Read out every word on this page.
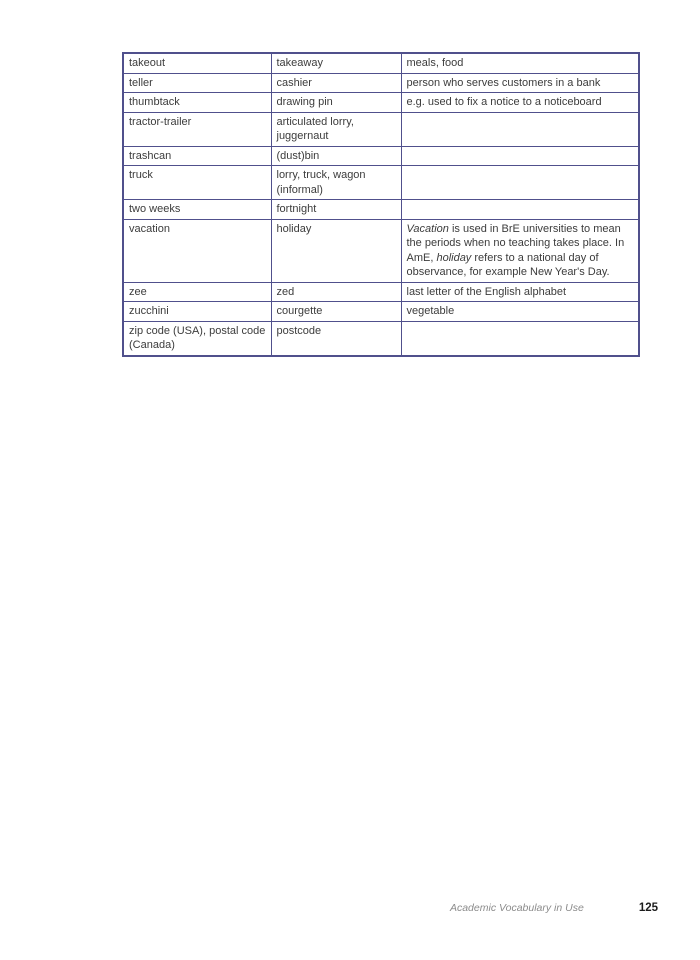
takeout	takeaway	meals, food
teller	cashier	person who serves customers in a bank
thumbtack	drawing pin	e.g. used to fix a notice to a noticeboard
tractor-trailer	articulated lorry, juggernaut	
trashcan	(dust)bin	
truck	lorry, truck, wagon (informal)	
two weeks	fortnight	
vacation	holiday	Vacation is used in BrE universities to mean the periods when no teaching takes place. In AmE, holiday refers to a national day of observance, for example New Year's Day.
zee	zed	last letter of the English alphabet
zucchini	courgette	vegetable
zip code (USA), postal code (Canada)	postcode	
Academic Vocabulary in Use	125
